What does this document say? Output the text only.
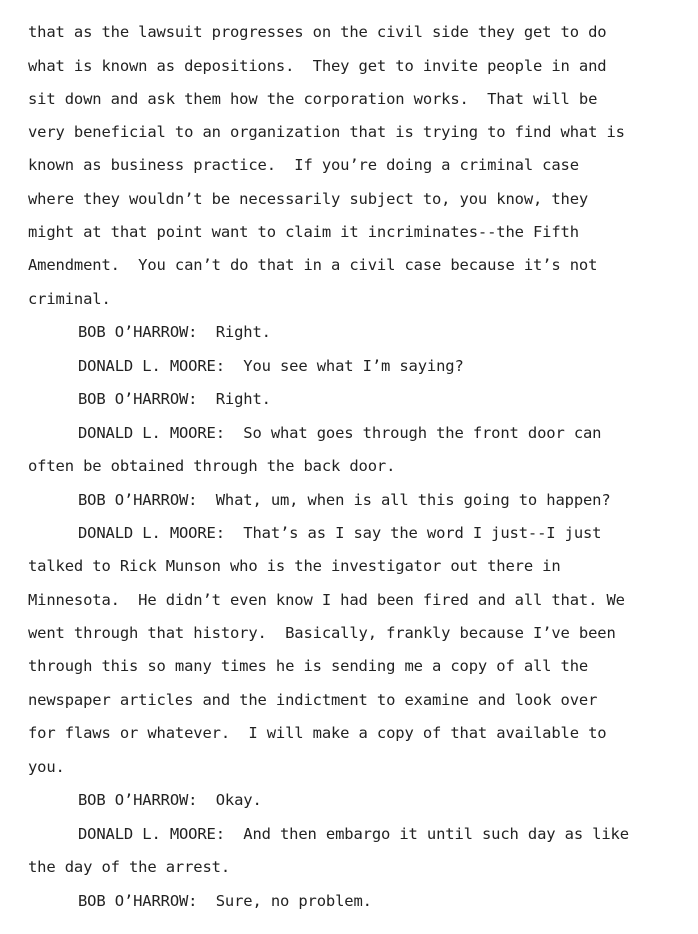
that as the lawsuit progresses on the civil side they get to do
what is known as depositions.  They get to invite people in and
sit down and ask them how the corporation works.  That will be
very beneficial to an organization that is trying to find what is
known as business practice.  If you’re doing a criminal case
where they wouldn’t be necessarily subject to, you know, they
might at that point want to claim it incriminates--the Fifth
Amendment.  You can’t do that in a civil case because it’s not
criminal.
BOB O’HARROW:  Right.
DONALD L. MOORE:  You see what I’m saying?
BOB O’HARROW:  Right.
DONALD L. MOORE:  So what goes through the front door can
often be obtained through the back door.
BOB O’HARROW:  What, um, when is all this going to happen?
DONALD L. MOORE:  That’s as I say the word I just--I just
talked to Rick Munson who is the investigator out there in
Minnesota.  He didn’t even know I had been fired and all that. We
went through that history.  Basically, frankly because I’ve been
through this so many times he is sending me a copy of all the
newspaper articles and the indictment to examine and look over
for flaws or whatever.  I will make a copy of that available to
you.
BOB O’HARROW:  Okay.
DONALD L. MOORE:  And then embargo it until such day as like
the day of the arrest.
BOB O’HARROW:  Sure, no problem.
